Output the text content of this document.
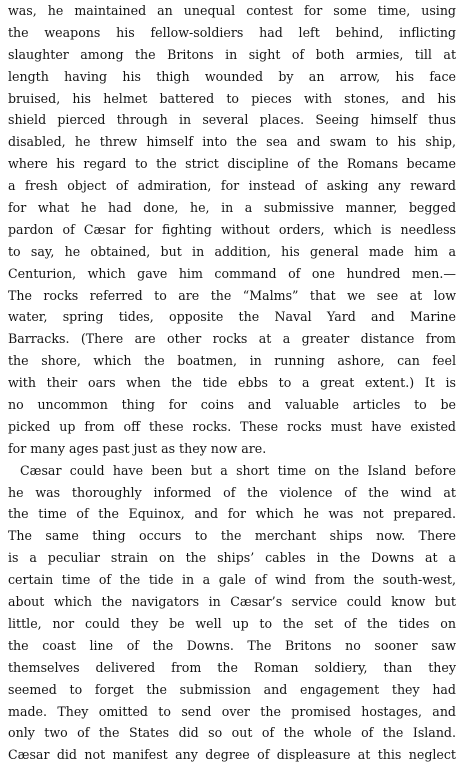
was, he maintained an unequal contest for some time, using
the weapons his fellow-soldiers had left behind, inflicting
slaughter among the Britons in sight of both armies, till at
length having his thigh wounded by an arrow, his face
bruised, his helmet battered to pieces with stones, and his
shield pierced through in several places. Seeing himself thus
disabled, he threw himself into the sea and swam to his ship,
where his regard to the strict discipline of the Romans became
a fresh object of admiration, for instead of asking any reward
for what he had done, he, in a submissive manner, begged
pardon of Cæsar for fighting without orders, which is needless
to say, he obtained, but in addition, his general made him a
Centurion, which gave him command of one hundred men.—
The rocks referred to are the “Malms” that we see at low
water, spring tides, opposite the Naval Yard and Marine
Barracks. (There are other rocks at a greater distance from
the shore, which the boatmen, in running ashore, can feel
with their oars when the tide ebbs to a great extent.) It is
no uncommon thing for coins and valuable articles to be
picked up from off these rocks. These rocks must have existed
for many ages past just as they now are.
Cæsar could have been but a short time on the Island before
he was thoroughly informed of the violence of the wind at
the time of the Equinox, and for which he was not prepared.
The same thing occurs to the merchant ships now. There
is a peculiar strain on the ships’ cables in the Downs at a
certain time of the tide in a gale of wind from the south-west,
about which the navigators in Cæsar’s service could know but
little, nor could they be well up to the set of the tides on
the coast line of the Downs. The Britons no sooner saw
themselves delivered from the Roman soldiery, than they
seemed to forget the submission and engagement they had
made. They omitted to send over the promised hostages, and
only two of the States did so out of the whole of the Island.
Cæsar did not manifest any degree of displeasure at this neglect
